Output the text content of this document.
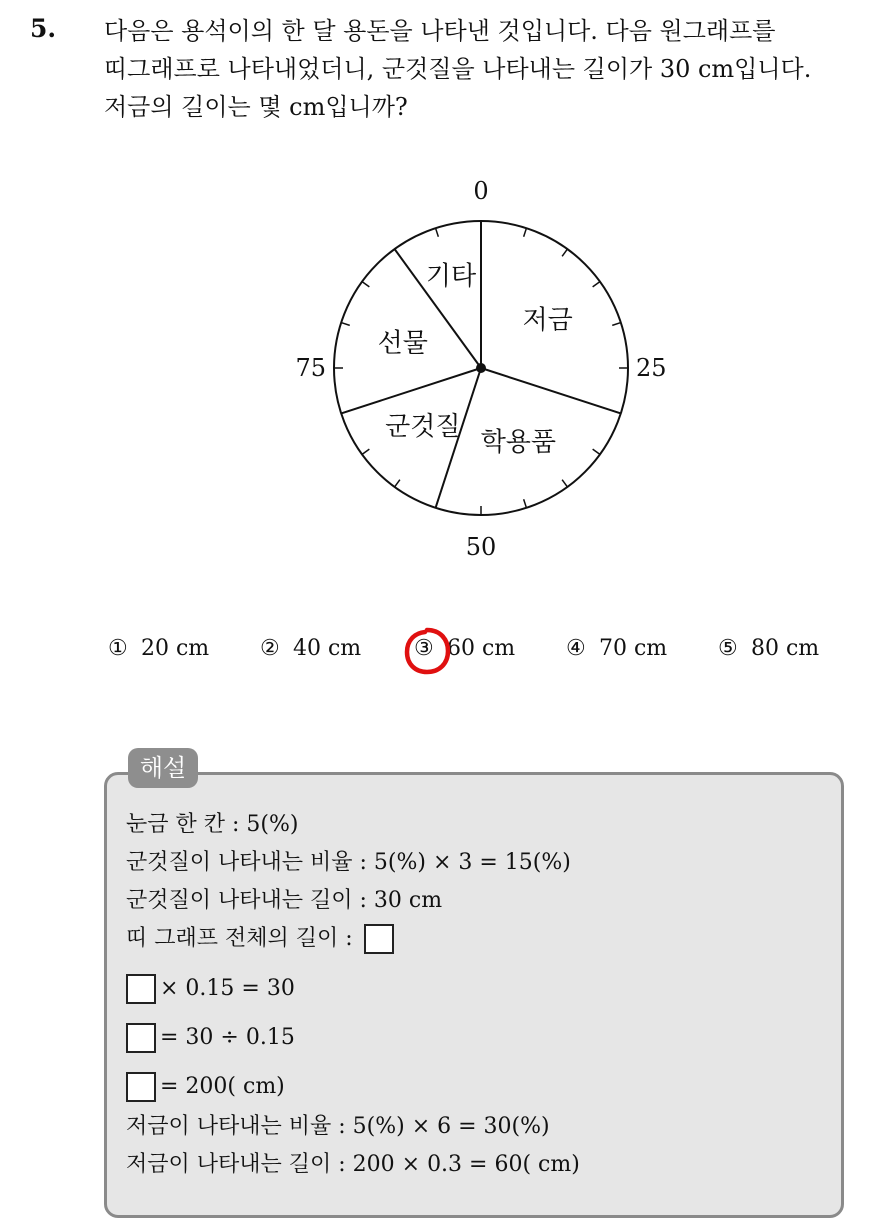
5. 다음은 용석이의 한 달 용돈을 나타낸 것입니다. 다음 원그래프를
띠그래프로 나타내었더니, 군것질을 나타내는 길이가 30 cm입니다.
저금의 길이는 몇 cm입니까?

저금
학용품
군것질
선물
기타
0
25
50
75
① 20 cm ② 40 cm ③ 60 cm ④ 70 cm ⑤ 80 cm
해설
눈금 한 칸 : 5(%)
군것질이 나타내는 비율 : 5(%) × 3 = 15(%)
군것질이 나타내는 길이 : 30 cm
띠 그래프 전체의 길이 :
× 0.15 = 30
= 30 ÷ 0.15
= 200( cm)
저금이 나타내는 비율 : 5(%) × 6 = 30(%)
저금이 나타내는 길이 : 200 × 0.3 = 60( cm)
